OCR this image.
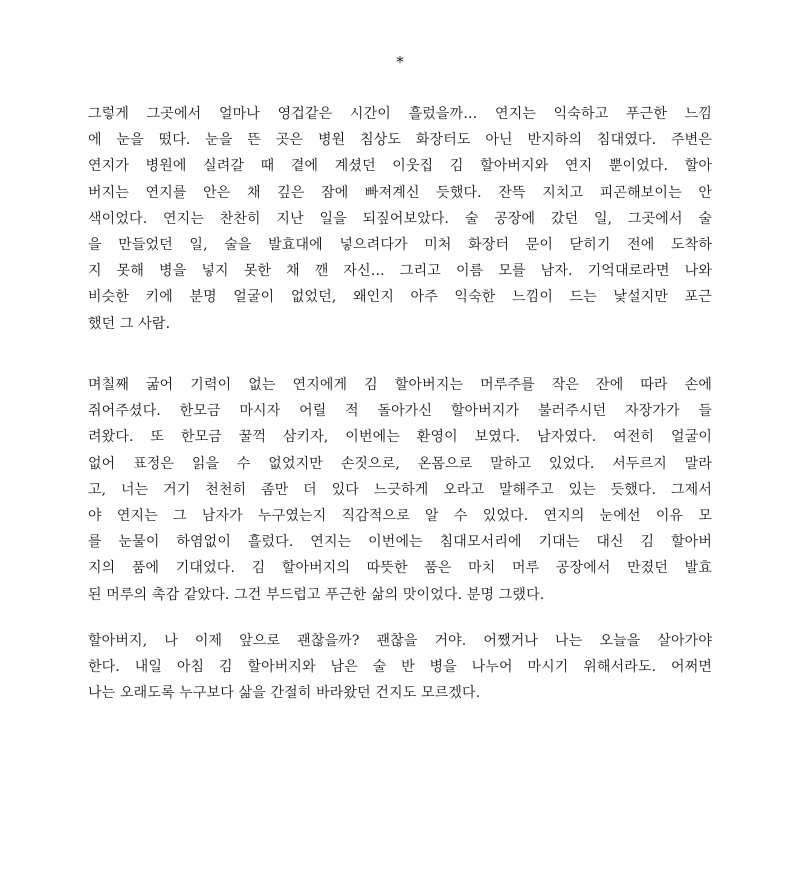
*

그렇게 그곳에서 얼마나 영겁같은 시간이 흘렀을까… 연지는 익숙하고 푸근한 느낌
에 눈을 떴다. 눈을 뜬 곳은 병원 침상도 화장터도 아닌 반지하의 침대였다. 주변은
연지가 병원에 실려갈 때 곁에 계셨던 이웃집 김 할아버지와 연지 뿐이었다. 할아
버지는 연지를 안은 채 깊은 잠에 빠져계신 듯했다. 잔뜩 지치고 피곤해보이는 안
색이었다. 연지는 찬찬히 지난 일을 되짚어보았다. 술 공장에 갔던 일, 그곳에서 술
을 만들었던 일, 술을 발효대에 넣으려다가 미처 화장터 문이 닫히기 전에 도착하
지 못해 병을 넣지 못한 채 깬 자신… 그리고 이름 모를 남자. 기억대로라면 나와
비슷한 키에 분명 얼굴이 없었던, 왜인지 아주 익숙한 느낌이 드는 낯설지만 포근
했던 그 사람.

며칠째 굶어 기력이 없는 연지에게 김 할아버지는 머루주를 작은 잔에 따라 손에
쥐어주셨다. 한모금 마시자 어릴 적 돌아가신 할아버지가 불러주시던 자장가가 들
려왔다. 또 한모금 꿀꺽 삼키자, 이번에는 환영이 보였다. 남자였다. 여전히 얼굴이
없어 표정은 읽을 수 없었지만 손짓으로, 온몸으로 말하고 있었다. 서두르지 말라
고, 너는 거기 천천히 좀만 더 있다 느긋하게 오라고 말해주고 있는 듯했다. 그제서
야 연지는 그 남자가 누구였는지 직감적으로 알 수 있었다. 연지의 눈에선 이유 모
를 눈물이 하염없이 흘렀다. 연지는 이번에는 침대모서리에 기대는 대신 김 할아버
지의 품에 기대었다. 김 할아버지의 따뜻한 품은 마치 머루 공장에서 만졌던 발효
된 머루의 촉감 같았다. 그건 부드럽고 푸근한 삶의 맛이었다. 분명 그랬다.

할아버지, 나 이제 앞으로 괜찮을까? 괜찮을 거야. 어쨌거나 나는 오늘을 살아가야
한다. 내일 아침 김 할아버지와 남은 술 반 병을 나누어 마시기 위해서라도. 어쩌면
나는 오래도록 누구보다 삶을 간절히 바라왔던 건지도 모르겠다.
